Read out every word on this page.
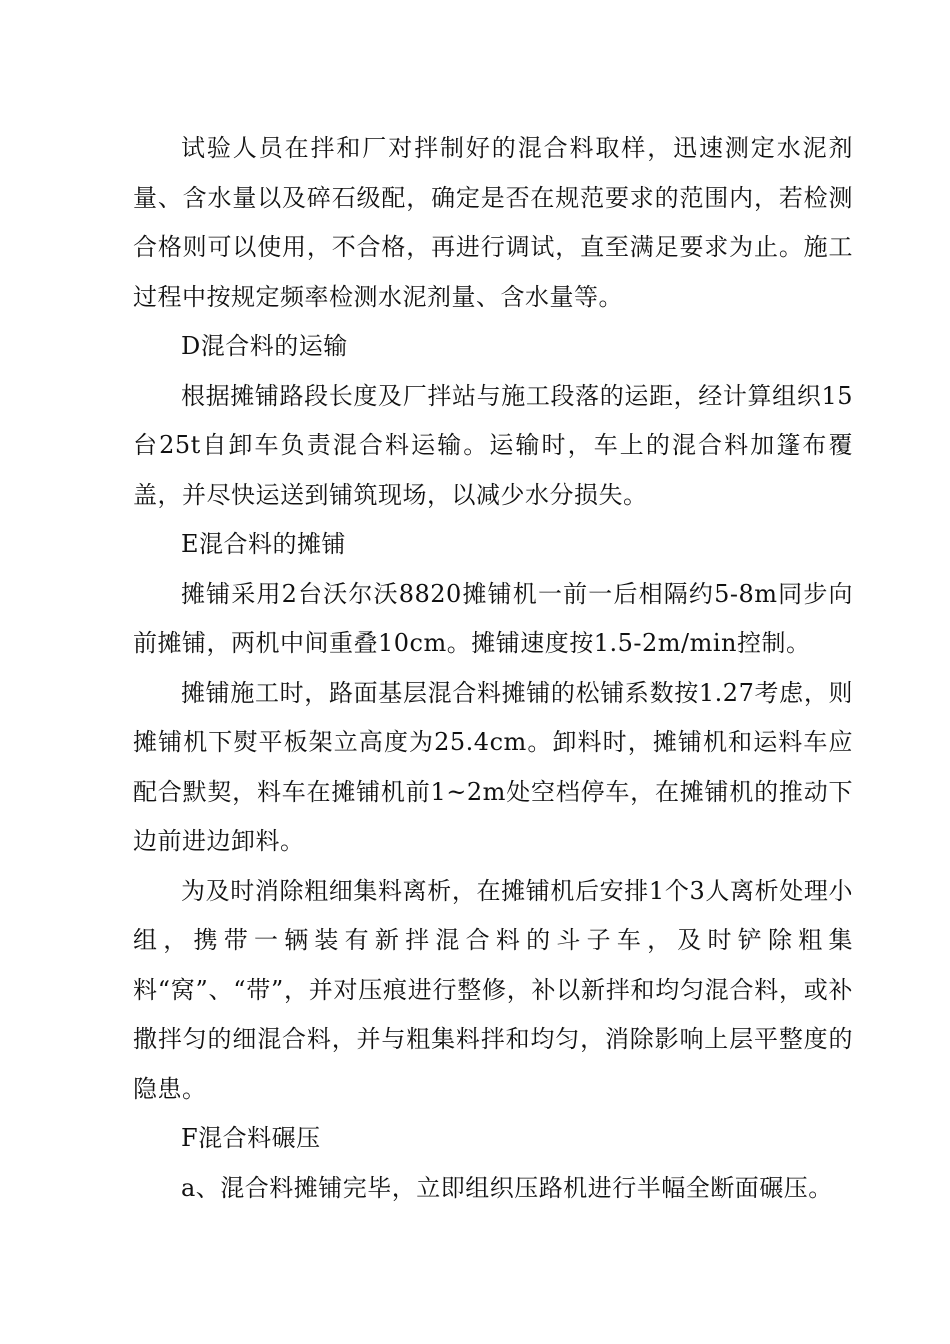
试验人员在拌和厂对拌制好的混合料取样，迅速测定水泥剂量、含水量以及碎石级配，确定是否在规范要求的范围内，若检测合格则可以使用，不合格，再进行调试，直至满足要求为止。施工过程中按规定频率检测水泥剂量、含水量等。

D混合料的运输

根据摊铺路段长度及厂拌站与施工段落的运距，经计算组织15台25t自卸车负责混合料运输。运输时，车上的混合料加篷布覆盖，并尽快运送到铺筑现场，以减少水分损失。

E混合料的摊铺

摊铺采用2台沃尔沃8820摊铺机一前一后相隔约5-8m同步向前摊铺，两机中间重叠10cm。摊铺速度按1.5-2m/min控制。

摊铺施工时，路面基层混合料摊铺的松铺系数按1.27考虑，则摊铺机下熨平板架立高度为25.4cm。卸料时，摊铺机和运料车应配合默契，料车在摊铺机前1~2m处空档停车，在摊铺机的推动下边前进边卸料。

为及时消除粗细集料离析，在摊铺机后安排1个3人离析处理小组，携带一辆装有新拌混合料的斗子车，及时铲除粗集料“窝”、“带”，并对压痕进行整修，补以新拌和均匀混合料，或补撒拌匀的细混合料，并与粗集料拌和均匀，消除影响上层平整度的隐患。

F混合料碾压

a、混合料摊铺完毕，立即组织压路机进行半幅全断面碾压。
